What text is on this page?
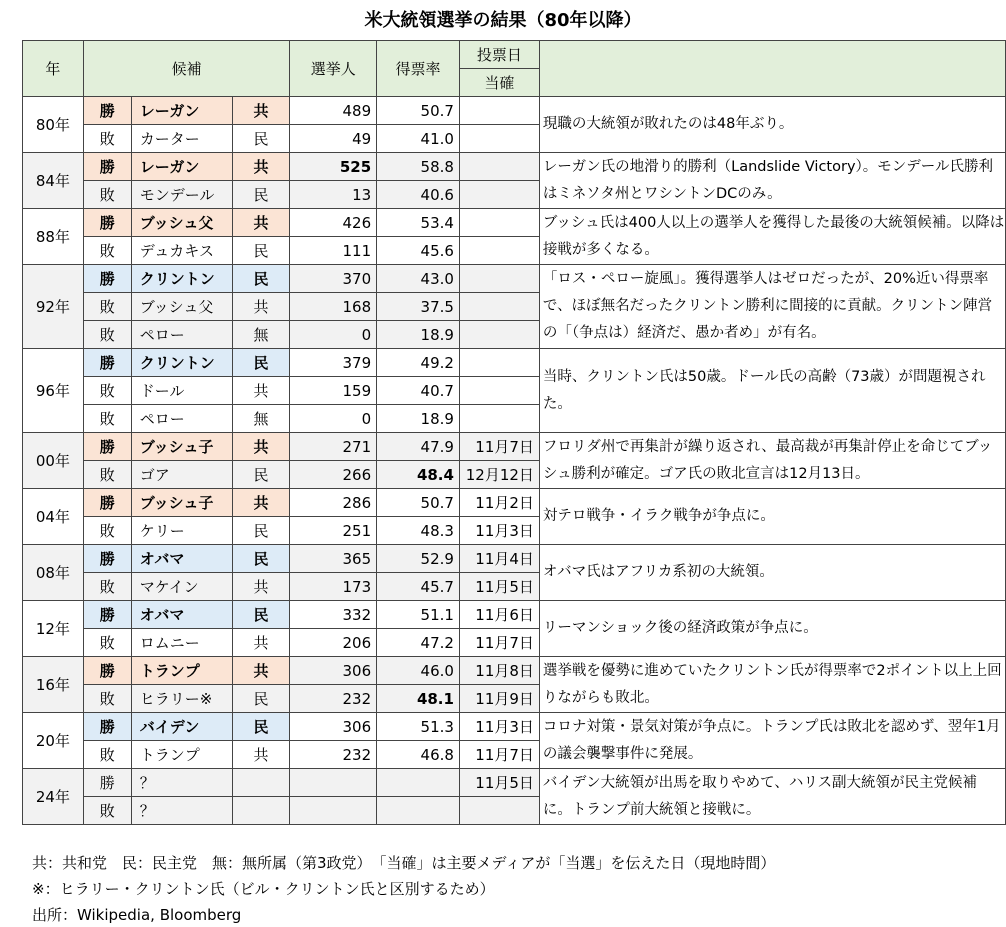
米大統領選挙の結果（80年以降）
年	候補			選挙人	得票率	投票日	
						当確	
80年	勝	レーガン	共	489	50.7		現職の大統領が敗れたのは48年ぶり。
	敗	カーター	民	49	41.0		
84年	勝	レーガン	共	525	58.8		レーガン氏の地滑り的勝利（Landslide Victory）。モンデール氏勝利はミネソタ州とワシントンDCのみ。
	敗	モンデール	民	13	40.6		
88年	勝	ブッシュ父	共	426	53.4		ブッシュ氏は400人以上の選挙人を獲得した最後の大統領候補。以降は接戦が多くなる。
	敗	デュカキス	民	111	45.6		
92年	勝	クリントン	民	370	43.0		「ロス・ペロー旋風」。獲得選挙人はゼロだったが、20%近い得票率で、ほぼ無名だったクリントン勝利に間接的に貢献。クリントン陣営の「（争点は）経済だ、愚か者め」が有名。
	敗	ブッシュ父	共	168	37.5		
	敗	ペロー	無	0	18.9		
96年	勝	クリントン	民	379	49.2		当時、クリントン氏は50歳。ドール氏の高齢（73歳）が問題視された。
	敗	ドール	共	159	40.7		
	敗	ペロー	無	0	18.9		
00年	勝	ブッシュ子	共	271	47.9	11月7日	フロリダ州で再集計が繰り返され、最高裁が再集計停止を命じてブッシュ勝利が確定。ゴア氏の敗北宣言は12月13日。
	敗	ゴア	民	266	48.4	12月12日	
04年	勝	ブッシュ子	共	286	50.7	11月2日	対テロ戦争・イラク戦争が争点に。
	敗	ケリー	民	251	48.3	11月3日	
08年	勝	オバマ	民	365	52.9	11月4日	オバマ氏はアフリカ系初の大統領。
	敗	マケイン	共	173	45.7	11月5日	
12年	勝	オバマ	民	332	51.1	11月6日	リーマンショック後の経済政策が争点に。
	敗	ロムニー	共	206	47.2	11月7日	
16年	勝	トランプ	共	306	46.0	11月8日	選挙戦を優勢に進めていたクリントン氏が得票率で2ポイント以上上回りながらも敗北。
	敗	ヒラリー※	民	232	48.1	11月9日	
20年	勝	バイデン	民	306	51.3	11月3日	コロナ対策・景気対策が争点に。トランプ氏は敗北を認めず、翌年1月の議会襲撃事件に発展。
	敗	トランプ	共	232	46.8	11月7日	
24年	勝	？				11月5日	バイデン大統領が出馬を取りやめて、ハリス副大統領が民主党候補に。トランプ前大統領と接戦に。
	敗	？					
共：共和党　民：民主党　無：無所属（第3政党）　「当確」は主要メディアが「当選」を伝えた日（現地時間）
※：ヒラリー・クリントン氏（ビル・クリントン氏と区別するため）
出所：Wikipedia, Bloomberg
